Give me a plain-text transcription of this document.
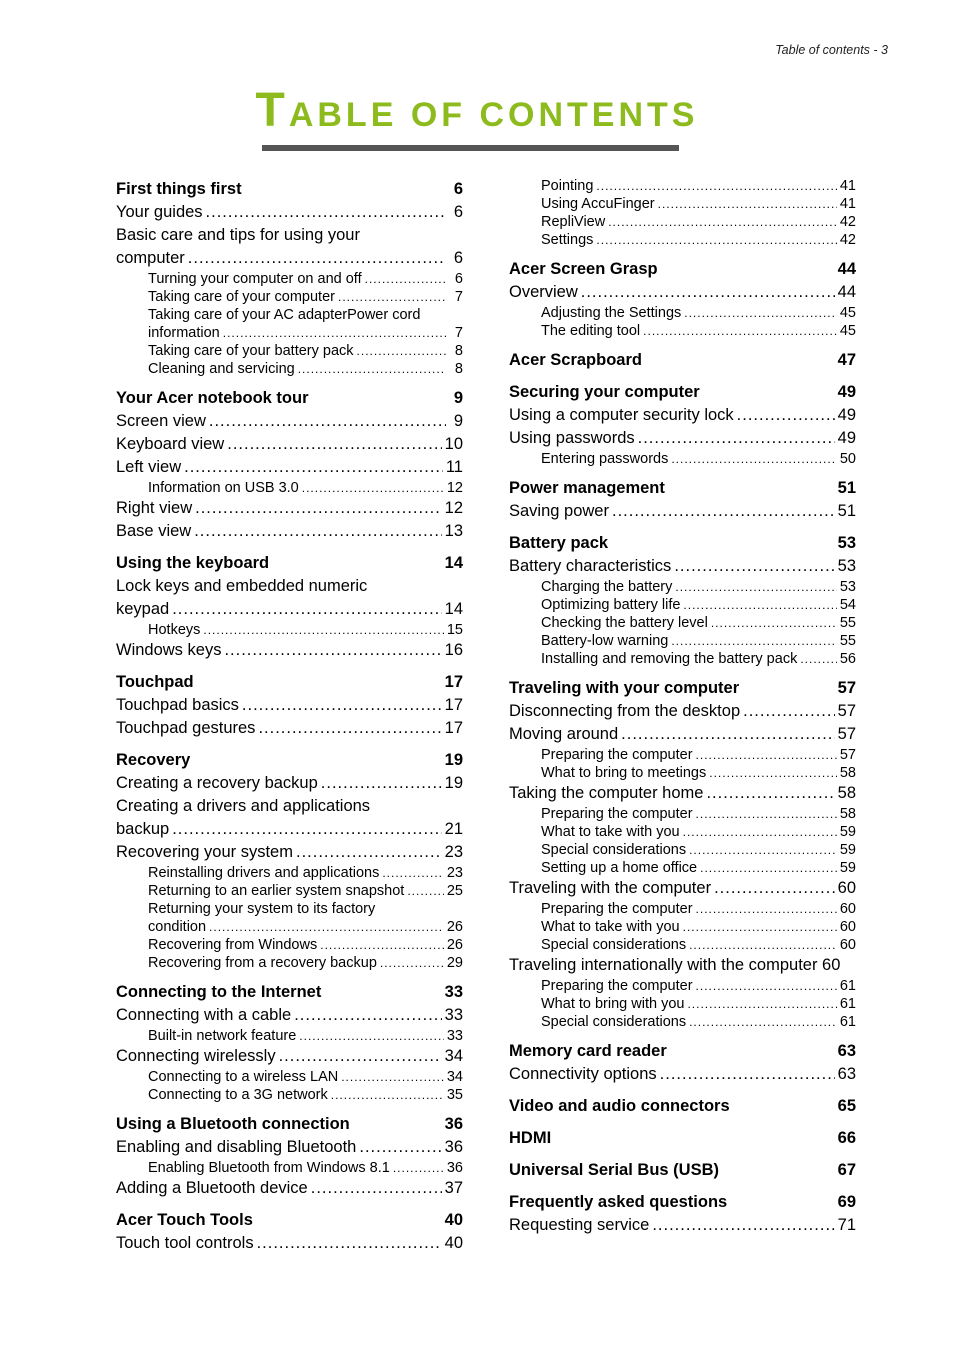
Table of contents - 3
TABLE OF CONTENTS
First things first	6
Your guides .....	6
Basic care and tips for using your
computer .....	6
Turning your computer on and off .....	6
Taking care of your computer .....	7
Taking care of your AC adapterPower cord
information .....	7
Taking care of your battery pack .....	8
Cleaning and servicing .....	8
Your Acer notebook tour	9
Screen view .....	9
Keyboard view .....	10
Left view .....	11
Information on USB 3.0 .....	12
Right view .....	12
Base view .....	13
Using the keyboard	14
Lock keys and embedded numeric
keypad .....	14
Hotkeys .....	15
Windows keys .....	16
Touchpad	17
Touchpad basics .....	17
Touchpad gestures .....	17
Recovery	19
Creating a recovery backup .....	19
Creating a drivers and applications
backup .....	21
Recovering your system .....	23
Reinstalling drivers and applications .....	23
Returning to an earlier system snapshot .....	25
Returning your system to its factory
condition .....	26
Recovering from Windows .....	26
Recovering from a recovery backup .....	29
Connecting to the Internet	33
Connecting with a cable .....	33
Built-in network feature .....	33
Connecting wirelessly .....	34
Connecting to a wireless LAN .....	34
Connecting to a 3G network .....	35
Using a Bluetooth connection	36
Enabling and disabling Bluetooth .....	36
Enabling Bluetooth from Windows 8.1 .....	36
Adding a Bluetooth device .....	37
Acer Touch Tools	40
Touch tool controls .....	40
Pointing .....	41
Using AccuFinger .....	41
RepliView .....	42
Settings .....	42
Acer Screen Grasp	44
Overview .....	44
Adjusting the Settings .....	45
The editing tool .....	45
Acer Scrapboard	47
Securing your computer	49
Using a computer security lock .....	49
Using passwords .....	49
Entering passwords .....	50
Power management	51
Saving power .....	51
Battery pack	53
Battery characteristics .....	53
Charging the battery .....	53
Optimizing battery life .....	54
Checking the battery level .....	55
Battery-low warning .....	55
Installing and removing the battery pack .....	56
Traveling with your computer	57
Disconnecting from the desktop .....	57
Moving around .....	57
Preparing the computer .....	57
What to bring to meetings .....	58
Taking the computer home .....	58
Preparing the computer .....	58
What to take with you .....	59
Special considerations .....	59
Setting up a home office .....	59
Traveling with the computer .....	60
Preparing the computer .....	60
What to take with you .....	60
Special considerations .....	60
Traveling internationally with the computer 60
Preparing the computer .....	61
What to bring with you .....	61
Special considerations .....	61
Memory card reader	63
Connectivity options .....	63
Video and audio connectors	65
HDMI	66
Universal Serial Bus (USB)	67
Frequently asked questions	69
Requesting service .....	71
